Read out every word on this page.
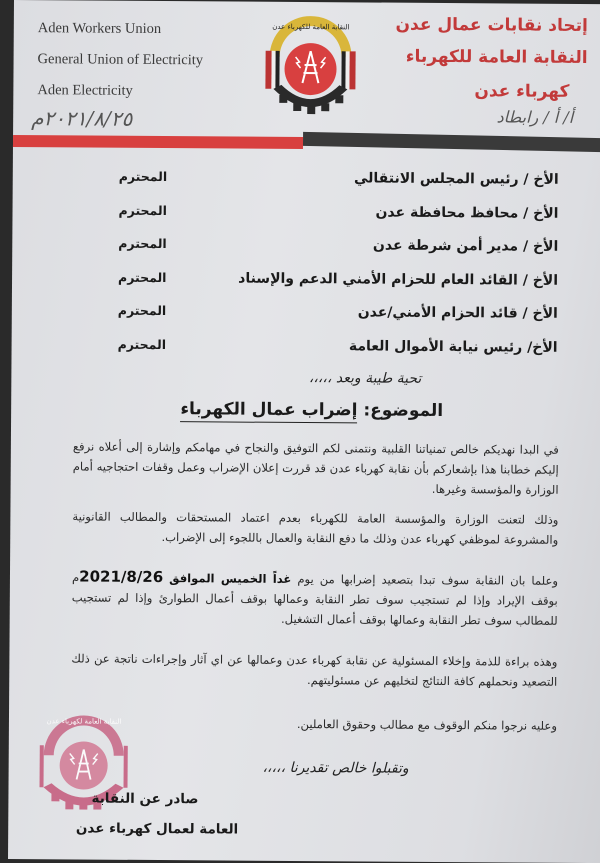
Aden Workers Union
General Union of Electricity
Aden Electricity
٢٠٢١/٨/٢٥م
النقابة العامة للكهرباء عدن	إتحاد نقابات عمال عدن
النقابة العامة للكهرباء
كهرباء عدن
أ/ أ / رابطاد
الأخ / رئيس المجلس الانتقالي
المحترم
الأخ / محافظ محافظة عدن
المحترم
الأخ / مدير أمن شرطة عدن
المحترم
الأخ / القائد العام للحزام الأمني الدعم والإسناد
المحترم
الأخ / قائد الحزام الأمني/عدن
المحترم
الأخ/ رئيس نيابة الأموال العامة
المحترم
تحية طيبة وبعد ،،،،،
الموضوع: إضراب عمال الكهرباء
في البدا نهديكم خالص تمنياتنا القلبية ونتمنى لكم التوفيق والنجاح في مهامكم وإشارة إلى أعلاه نرفع إليكم خطابنا هذا بإشعاركم بأن نقابة كهرباء عدن قد قررت إعلان الإضراب وعمل وقفات احتجاجيه أمام الوزارة والمؤسسة وغيرها.
وذلك لتعنت الوزارة والمؤسسة العامة للكهرباء بعدم اعتماد المستحقات والمطالب القانونية والمشروعة لموظفي كهرباء عدن وذلك ما دفع النقابة والعمال باللجوء إلى الإضراب.
وعلما بان النقابة سوف تبدا بتصعيد إضرابها من يوم غداً الخميس الموافق 2021/8/26م بوقف الإيراد وإذا لم تستجيب سوف تطر النقابة وعمالها بوقف أعمال الطوارئ وإذا لم تستجيب للمطالب سوف تطر النقابة وعمالها بوقف أعمال التشغيل.
وهذه براءة للذمة وإخلاء المسئولية عن نقابة كهرباء عدن وعمالها عن اي آثار وإجراءات ناتجة عن ذلك التصعيد ونحملهم كافة النتائج لتخليهم عن مسئوليتهم.
وعليه نرجوا منكم الوقوف مع مطالب وحقوق العاملين.
وتقبلوا خالص تقديرنا ،،،،،
النقابة العامة لكهرباء عدن
صادر عن النقابة
العامة لعمال كهرباء عدن
